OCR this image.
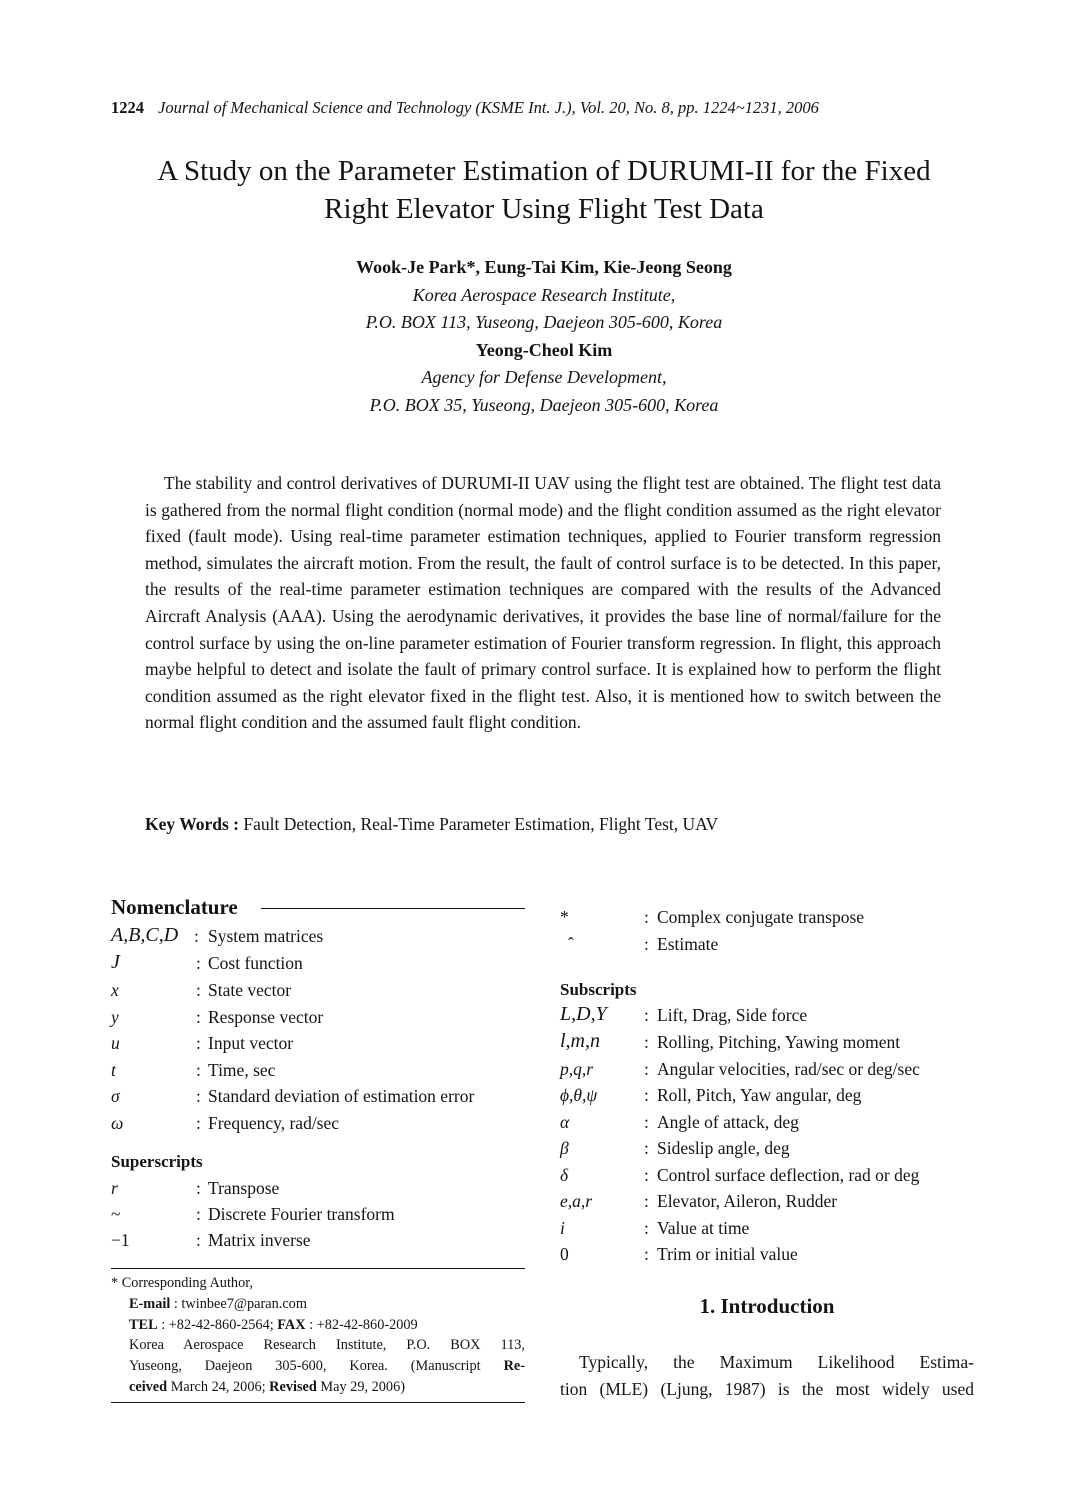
1224 Journal of Mechanical Science and Technology (KSME Int. J.), Vol. 20, No. 8, pp. 1224~1231, 2006
A Study on the Parameter Estimation of DURUMI-II for the Fixed
Right Elevator Using Flight Test Data
Wook-Je Park*, Eung-Tai Kim, Kie-Jeong Seong
Korea Aerospace Research Institute,
P.O. BOX 113, Yuseong, Daejeon 305-600, Korea
Yeong-Cheol Kim
Agency for Defense Development,
P.O. BOX 35, Yuseong, Daejeon 305-600, Korea

The stability and control derivatives of DURUMI-II UAV using the flight test are obtained. The flight test data is gathered from the normal flight condition (normal mode) and the flight condition assumed as the right elevator fixed (fault mode). Using real-time parameter estimation techniques, applied to Fourier transform regression method, simulates the aircraft motion. From the result, the fault of control surface is to be detected. In this paper, the results of the real-time parameter estimation techniques are compared with the results of the Advanced Aircraft Analysis (AAA). Using the aerodynamic derivatives, it provides the base line of normal/failure for the control surface by using the on-line parameter estimation of Fourier transform regression. In flight, this approach maybe helpful to detect and isolate the fault of primary control surface. It is explained how to perform the flight condition assumed as the right elevator fixed in the flight test. Also, it is mentioned how to switch between the normal flight condition and the assumed fault flight condition.

Key Words : Fault Detection, Real-Time Parameter Estimation, Flight Test, UAV
Nomenclature
A,B,C,D : System matrices
J	: Cost function
x	: State vector
y	: Response vector
u	: Input vector
t	: Time, sec
σ	: Standard deviation of estimation error
ω	: Frequency, rad/sec
Superscripts
r	: Transpose
~	: Discrete Fourier transform
−1	: Matrix inverse
* Corresponding Author,
E-mail : twinbee7@paran.com
TEL : +82-42-860-2564; FAX : +82-42-860-2009
Korea Aerospace Research Institute, P.O. BOX 113,
Yuseong, Daejeon 305-600, Korea. (Manuscript Re-
ceived March 24, 2006; Revised May 29, 2006)
*	: Complex conjugate transpose
ˆ	: Estimate
Subscripts
L,D,Y : Lift, Drag, Side force
l,m,n	: Rolling, Pitching, Yawing moment
p,q,r	: Angular velocities, rad/sec or deg/sec
ϕ,θ,ψ	: Roll, Pitch, Yaw angular, deg
α	: Angle of attack, deg
β	: Sideslip angle, deg
δ	: Control surface deflection, rad or deg
e,a,r	: Elevator, Aileron, Rudder
i	: Value at time
0	: Trim or initial value
1. Introduction
Typically, the Maximum Likelihood Estima-
tion (MLE) (Ljung, 1987) is the most widely used
